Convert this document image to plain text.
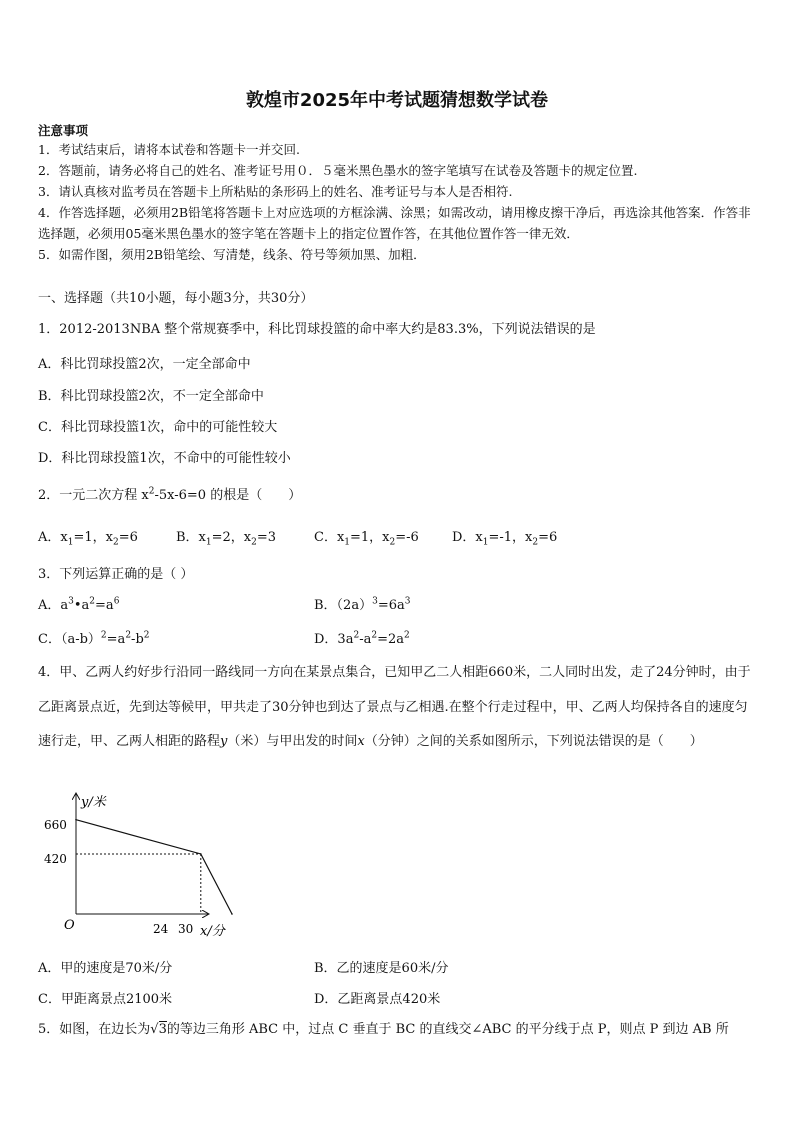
敦煌市2025年中考试题猜想数学试卷
注意事项
1．考试结束后，请将本试卷和答题卡一并交回.
2．答题前，请务必将自己的姓名、准考证号用０．５毫米黑色墨水的签字笔填写在试卷及答题卡的规定位置.
3．请认真核对监考员在答题卡上所粘贴的条形码上的姓名、准考证号与本人是否相符.
4．作答选择题，必须用2B铅笔将答题卡上对应选项的方框涂满、涂黑；如需改动，请用橡皮擦干净后，再选涂其他答案．作答非选择题，必须用05毫米黑色墨水的签字笔在答题卡上的指定位置作答，在其他位置作答一律无效．
5．如需作图，须用2B铅笔绘、写清楚，线条、符号等须加黑、加粗．
一、选择题（共10小题，每小题3分，共30分）
1．2012-2013NBA 整个常规赛季中，科比罚球投篮的命中率大约是83.3%，下列说法错误的是
A．科比罚球投篮2次，一定全部命中
B．科比罚球投篮2次，不一定全部命中
C．科比罚球投篮1次，命中的可能性较大
D．科比罚球投篮1次，不命中的可能性较小
2．一元二次方程 $x^2-5x-6=0$ 的根是（　　）
A．$x_1=1$，$x_2=6$	B．$x_1=2$，$x_2=3$	C．$x_1=1$，$x_2=-6$	D．$x_1=-1$，$x_2=6$
3．下列运算正确的是（ ）
A．$a^3•a^2=a^6$	B．$(2a)^3=6a^3$
C．$(a-b)^2=a^2-b^2$	D．$3a^2-a^2=2a^2$
4．甲、乙两人约好步行沿同一路线同一方向在某景点集合，已知甲乙二人相距660米，二人同时出发，走了24分钟时，由于乙距离景点近，先到达等候甲，甲共走了30分钟也到达了景点与乙相遇.在整个行走过程中，甲、乙两人均保持各自的速度匀速行走，甲、乙两人相距的路程y（米）与甲出发的时间x（分钟）之间的关系如图所示，下列说法错误的是（　　）
y/米
x/分
O
660
420
24 30
A．甲的速度是70米/分	B．乙的速度是60米/分
C．甲距离景点2100米	D．乙距离景点420米
5．如图，在边长为√3的等边三角形 ABC 中，过点 C 垂直于 BC 的直线交∠ABC 的平分线于点 P，则点 P 到边 AB 所
